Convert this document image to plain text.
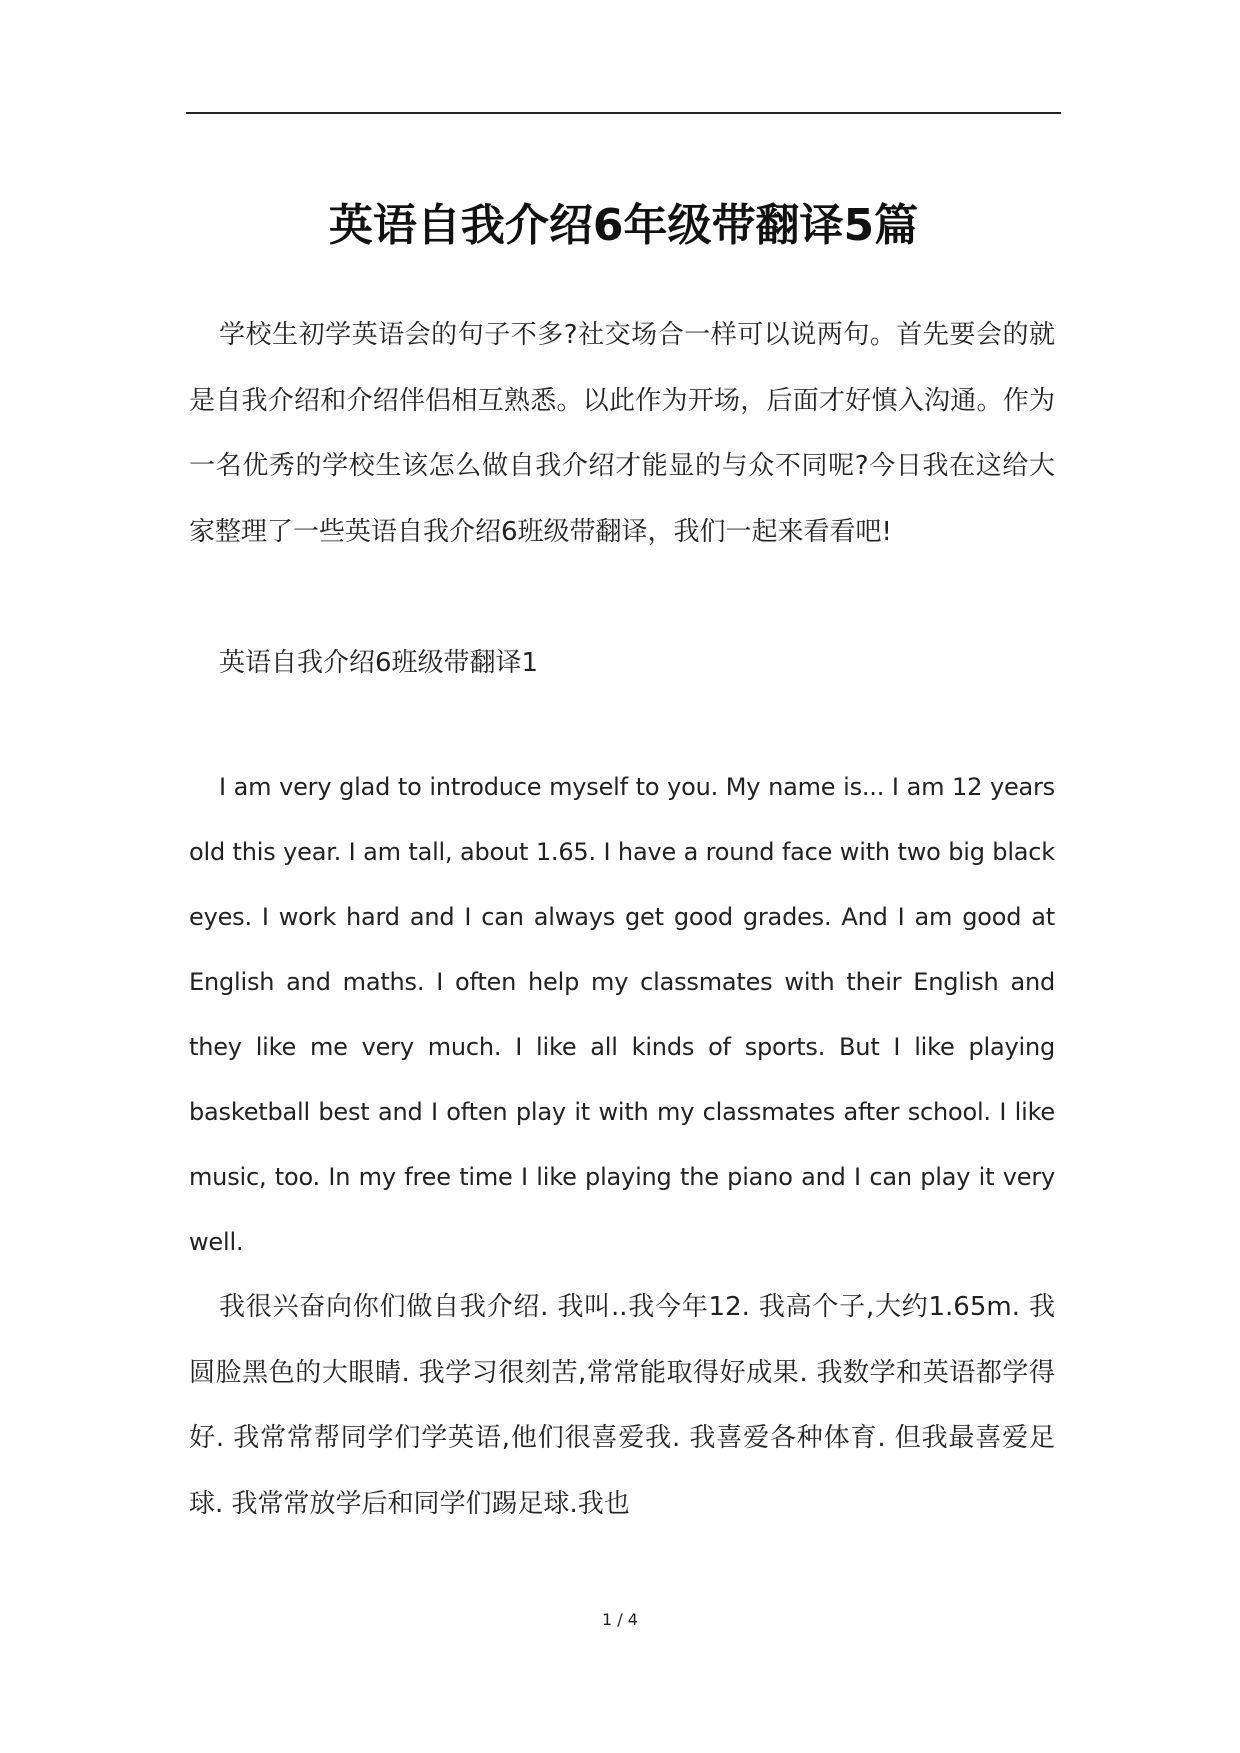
英语自我介绍6年级带翻译5篇

学校生初学英语会的句子不多?社交场合一样可以说两句。首先要会的就是自我介绍和介绍伴侣相互熟悉。以此作为开场，后面才好慎入沟通。作为一名优秀的学校生该怎么做自我介绍才能显的与众不同呢?今日我在这给大家整理了一些英语自我介绍6班级带翻译，我们一起来看看吧!

英语自我介绍6班级带翻译1

I am very glad to introduce myself to you. My name is... I am 12 years old this year. I am tall, about 1.65. I have a round face with two big black eyes. I work hard and I can always get good grades. And I am good at English and maths. I often help my classmates with their English and they like me very much. I like all kinds of sports. But I like playing basketball best and I often play it with my classmates after school. I like music, too. In my free time I like playing the piano and I can play it very well.

我很兴奋向你们做自我介绍. 我叫..我今年12. 我高个子,大约1.65m. 我圆脸黑色的大眼睛. 我学习很刻苦,常常能取得好成果. 我数学和英语都学得好. 我常常帮同学们学英语,他们很喜爱我. 我喜爱各种体育. 但我最喜爱足球. 我常常放学后和同学们踢足球.我也

1 / 4
